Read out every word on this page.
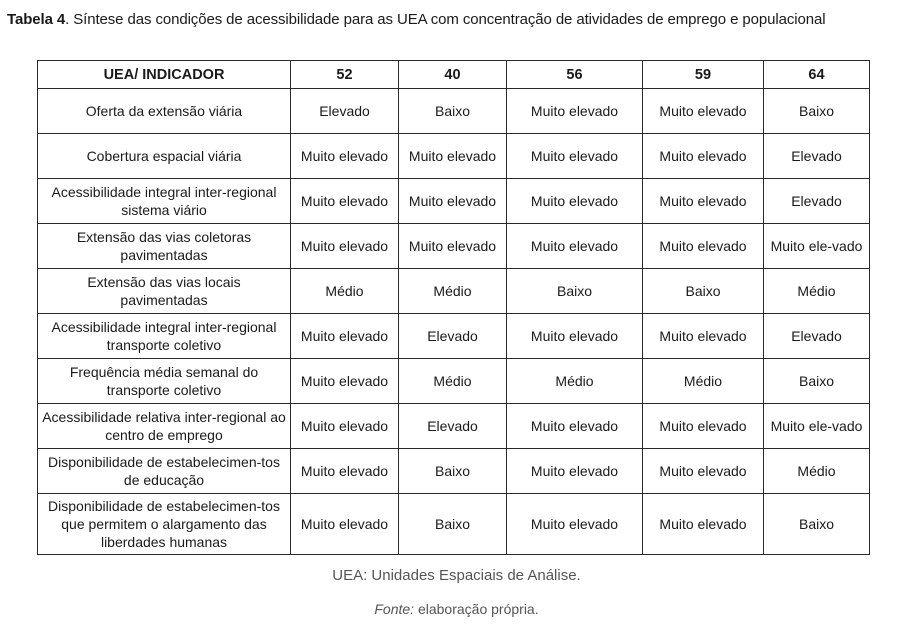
Tabela 4. Síntese das condições de acessibilidade para as UEA com concentração de atividades de emprego e populacional
UEA/ INDICADOR	52	40	56	59	64
Oferta da extensão viária	Elevado	Baixo	Muito elevado	Muito elevado	Baixo
Cobertura espacial viária	Muito elevado	Muito elevado	Muito elevado	Muito elevado	Elevado
Acessibilidade integral inter-regional sistema viário	Muito elevado	Muito elevado	Muito elevado	Muito elevado	Elevado
Extensão das vias coletoras pavimentadas	Muito elevado	Muito elevado	Muito elevado	Muito elevado	Muito ele-vado
Extensão das vias locais pavimentadas	Médio	Médio	Baixo	Baixo	Médio
Acessibilidade integral inter-regional transporte coletivo	Muito elevado	Elevado	Muito elevado	Muito elevado	Elevado
Frequência média semanal do transporte coletivo	Muito elevado	Médio	Médio	Médio	Baixo
Acessibilidade relativa inter-regional ao centro de emprego	Muito elevado	Elevado	Muito elevado	Muito elevado	Muito ele-vado
Disponibilidade de estabelecimen-tos de educação	Muito elevado	Baixo	Muito elevado	Muito elevado	Médio
Disponibilidade de estabelecimen-tos que permitem o alargamento das liberdades humanas	Muito elevado	Baixo	Muito elevado	Muito elevado	Baixo
UEA: Unidades Espaciais de Análise.
Fonte: elaboração própria.
